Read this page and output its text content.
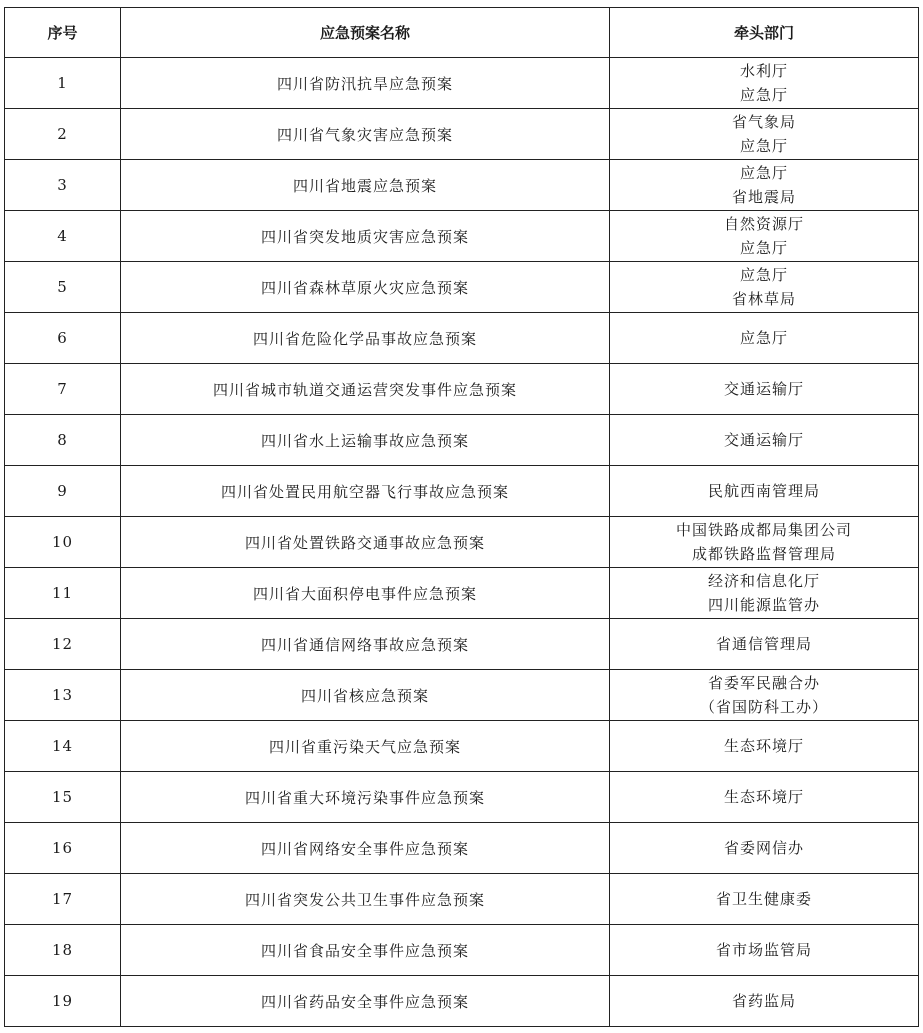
序号	应急预案名称	牵头部门
1	四川省防汛抗旱应急预案	水利厅
应急厅

2	四川省气象灾害应急预案	省气象局
应急厅

3	四川省地震应急预案	应急厅
省地震局

4	四川省突发地质灾害应急预案	自然资源厅
应急厅

5	四川省森林草原火灾应急预案	应急厅
省林草局

6	四川省危险化学品事故应急预案	应急厅

7	四川省城市轨道交通运营突发事件应急预案	交通运输厅

8	四川省水上运输事故应急预案	交通运输厅

9	四川省处置民用航空器飞行事故应急预案	民航西南管理局

10	四川省处置铁路交通事故应急预案	中国铁路成都局集团公司
成都铁路监督管理局

11	四川省大面积停电事件应急预案	经济和信息化厅
四川能源监管办

12	四川省通信网络事故应急预案	省通信管理局

13	四川省核应急预案	省委军民融合办
（省国防科工办）

14	四川省重污染天气应急预案	生态环境厅

15	四川省重大环境污染事件应急预案	生态环境厅

16	四川省网络安全事件应急预案	省委网信办

17	四川省突发公共卫生事件应急预案	省卫生健康委

18	四川省食品安全事件应急预案	省市场监管局

19	四川省药品安全事件应急预案	省药监局
